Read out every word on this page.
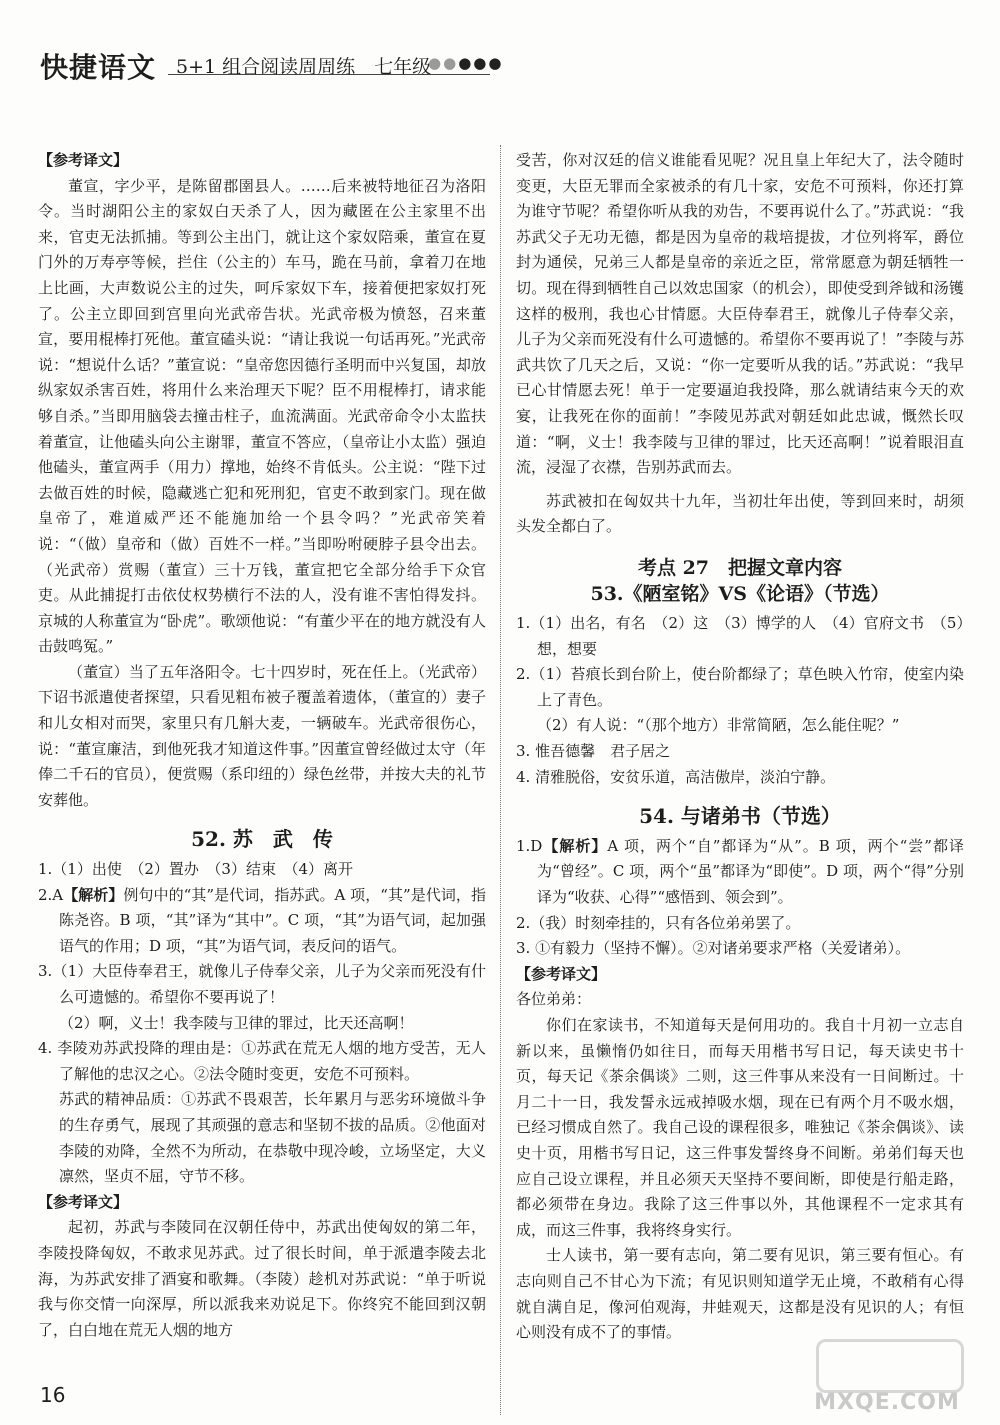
快捷语文 5+1 组合阅读周周练　七年级
●●●●●

【参考译文】

董宣，字少平，是陈留郡圉县人。……后来被特地征召为洛阳令。当时湖阳公主的家奴白天杀了人，因为藏匿在公主家里不出来，官吏无法抓捕。等到公主出门，就让这个家奴陪乘，董宣在夏门外的万寿亭等候，拦住（公主的）车马，跪在马前，拿着刀在地上比画，大声数说公主的过失，呵斥家奴下车，接着便把家奴打死了。公主立即回到宫里向光武帝告状。光武帝极为愤怒，召来董宣，要用棍棒打死他。董宣磕头说：“请让我说一句话再死。”光武帝说：“想说什么话？”董宣说：“皇帝您因德行圣明而中兴复国，却放纵家奴杀害百姓，将用什么来治理天下呢？臣不用棍棒打，请求能够自杀。”当即用脑袋去撞击柱子，血流满面。光武帝命令小太监扶着董宣，让他磕头向公主谢罪，董宣不答应，（皇帝让小太监）强迫他磕头，董宣两手（用力）撑地，始终不肯低头。公主说：“陛下过去做百姓的时候，隐藏逃亡犯和死刑犯，官吏不敢到家门。现在做皇帝了，难道威严还不能施加给一个县令吗？”光武帝笑着说：“（做）皇帝和（做）百姓不一样。”当即吩咐硬脖子县令出去。（光武帝）赏赐（董宣）三十万钱，董宣把它全部分给手下众官吏。从此捕捉打击依仗权势横行不法的人，没有谁不害怕得发抖。京城的人称董宣为“卧虎”。歌颂他说：“有董少平在的地方就没有人击鼓鸣冤。”

（董宣）当了五年洛阳令。七十四岁时，死在任上。（光武帝）下诏书派遣使者探望，只看见粗布被子覆盖着遗体，（董宣的）妻子和儿女相对而哭，家里只有几斛大麦，一辆破车。光武帝很伤心，说：“董宣廉洁，到他死我才知道这件事。”因董宣曾经做过太守（年俸二千石的官员），便赏赐（系印纽的）绿色丝带，并按大夫的礼节安葬他。

52. 苏　武　传

1.（1）出使　（2）置办　（3）结束　（4）离开

2.A【解析】例句中的“其”是代词，指苏武。A 项，“其”是代词，指陈尧咨。B 项，“其”译为“其中”。C 项，“其”为语气词，起加强语气的作用；D 项，“其”为语气词，表反问的语气。

3.（1）大臣侍奉君王，就像儿子侍奉父亲，儿子为父亲而死没有什么可遗憾的。希望你不要再说了！

（2）啊，义士！我李陵与卫律的罪过，比天还高啊！

4. 李陵劝苏武投降的理由是：①苏武在荒无人烟的地方受苦，无人了解他的忠汉之心。②法令随时变更，安危不可预料。

苏武的精神品质：①苏武不畏艰苦，长年累月与恶劣环境做斗争的生存勇气，展现了其顽强的意志和坚韧不拔的品质。②他面对李陵的劝降，全然不为所动，在恭敬中现冷峻，立场坚定，大义凛然，坚贞不屈，守节不移。

【参考译文】

起初，苏武与李陵同在汉朝任侍中，苏武出使匈奴的第二年，李陵投降匈奴，不敢求见苏武。过了很长时间，单于派遣李陵去北海，为苏武安排了酒宴和歌舞。（李陵）趁机对苏武说：“单于听说我与你交情一向深厚，所以派我来劝说足下。你终究不能回到汉朝了，白白地在荒无人烟的地方

受苦，你对汉廷的信义谁能看见呢？况且皇上年纪大了，法令随时变更，大臣无罪而全家被杀的有几十家，安危不可预料，你还打算为谁守节呢？希望你听从我的劝告，不要再说什么了。”苏武说：“我苏武父子无功无德，都是因为皇帝的栽培提拔，才位列将军，爵位封为通侯，兄弟三人都是皇帝的亲近之臣，常常愿意为朝廷牺牲一切。现在得到牺牲自己以效忠国家（的机会），即使受到斧钺和汤镬这样的极刑，我也心甘情愿。大臣侍奉君王，就像儿子侍奉父亲，儿子为父亲而死没有什么可遗憾的。希望你不要再说了！”李陵与苏武共饮了几天之后，又说：“你一定要听从我的话。”苏武说：“我早已心甘情愿去死！单于一定要逼迫我投降，那么就请结束今天的欢宴，让我死在你的面前！”李陵见苏武对朝廷如此忠诚，慨然长叹道：“啊，义士！我李陵与卫律的罪过，比天还高啊！”说着眼泪直流，浸湿了衣襟，告别苏武而去。

苏武被扣在匈奴共十九年，当初壮年出使，等到回来时，胡须头发全都白了。

考点 27　把握文章内容

53.《陋室铭》VS《论语》（节选）

1.（1）出名，有名　（2）这　（3）博学的人　（4）官府文书　（5）想，想要

2.（1）苔痕长到台阶上，使台阶都绿了；草色映入竹帘，使室内染上了青色。

（2）有人说：“（那个地方）非常简陋，怎么能住呢？”

3. 惟吾德馨　君子居之

4. 清雅脱俗，安贫乐道，高洁傲岸，淡泊宁静。

54. 与诸弟书（节选）

1.D【解析】A 项，两个“自”都译为“从”。B 项，两个“尝”都译为“曾经”。C 项，两个“虽”都译为“即使”。D 项，两个“得”分别译为“收获、心得”“感悟到、领会到”。

2.（我）时刻牵挂的，只有各位弟弟罢了。

3. ①有毅力（坚持不懈）。②对诸弟要求严格（关爱诸弟）。

【参考译文】

各位弟弟：

你们在家读书，不知道每天是何用功的。我自十月初一立志自新以来，虽懒惰仍如往日，而每天用楷书写日记，每天读史书十页，每天记《茶余偶谈》二则，这三件事从来没有一日间断过。十月二十一日，我发誓永远戒掉吸水烟，现在已有两个月不吸水烟，已经习惯成自然了。我自己设的课程很多，唯独记《茶余偶谈》、读史十页，用楷书写日记，这三件事发誓终身不间断。弟弟们每天也应自己设立课程，并且必须天天坚持不要间断，即使是行船走路，都必须带在身边。我除了这三件事以外，其他课程不一定求其有成，而这三件事，我将终身实行。

士人读书，第一要有志向，第二要有见识，第三要有恒心。有志向则自己不甘心为下流；有见识则知道学无止境，不敢稍有心得就自满自足，像河伯观海，井蛙观天，这都是没有见识的人；有恒心则没有成不了的事情。

16	MXQE.COM
